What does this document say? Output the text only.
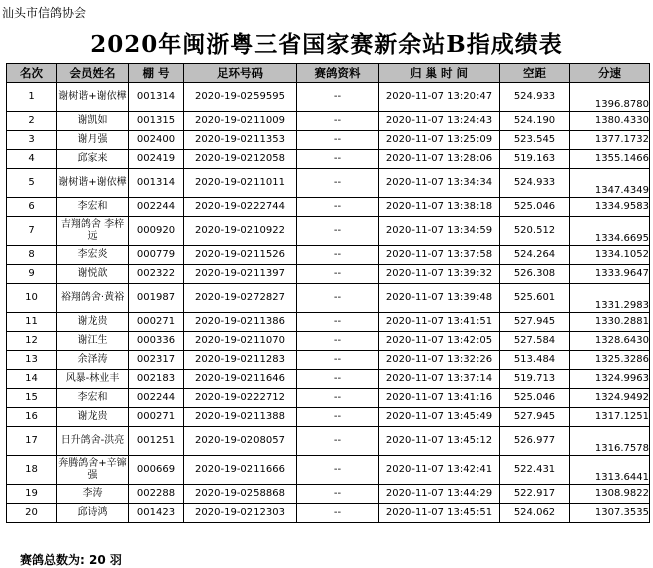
汕头市信鸽协会
2020年闽浙粤三省国家赛新余站B指成绩表
名次	会员姓名	棚 号	足环号码	赛鸽资料	归 巢 时 间	空距	分速
1	谢树谐+谢依樺	001314	2020-19-0259595	--	2020-11-07 13:20:47	524.933	1396.8780
2	谢凯如	001315	2020-19-0211009	--	2020-11-07 13:24:43	524.190	1380.4330
3	谢月强	002400	2020-19-0211353	--	2020-11-07 13:25:09	523.545	1377.1732
4	邱家来	002419	2020-19-0212058	--	2020-11-07 13:28:06	519.163	1355.1466
5	谢树谐+谢依樺	001314	2020-19-0211011	--	2020-11-07 13:34:34	524.933	1347.4349
6	李宏和	002244	2020-19-0222744	--	2020-11-07 13:38:18	525.046	1334.9583
7	吉翔鸽舍 李梓远	000920	2020-19-0210922	--	2020-11-07 13:34:59	520.512	1334.6695
8	李宏炎	000779	2020-19-0211526	--	2020-11-07 13:37:58	524.264	1334.1052
9	谢悦歆	002322	2020-19-0211397	--	2020-11-07 13:39:32	526.308	1333.9647
10	裕翔鸽舍·黄裕	001987	2020-19-0272827	--	2020-11-07 13:39:48	525.601	1331.2983
11	谢龙贵	000271	2020-19-0211386	--	2020-11-07 13:41:51	527.945	1330.2881
12	谢江生	000336	2020-19-0211070	--	2020-11-07 13:42:05	527.584	1328.6430
13	余泽涛	002317	2020-19-0211283	--	2020-11-07 13:32:26	513.484	1325.3286
14	风暴-林业丰	002183	2020-19-0211646	--	2020-11-07 13:37:14	519.713	1324.9963
15	李宏和	002244	2020-19-0222712	--	2020-11-07 13:41:16	525.046	1324.9492
16	谢龙贵	000271	2020-19-0211388	--	2020-11-07 13:45:49	527.945	1317.1251
17	日升鸽舍-洪亮	001251	2020-19-0208057	--	2020-11-07 13:45:12	526.977	1316.7578
18	奔腾鸽舍+辛镩强	000669	2020-19-0211666	--	2020-11-07 13:42:41	522.431	1313.6441
19	李涛	002288	2020-19-0258868	--	2020-11-07 13:44:29	522.917	1308.9822
20	邱诗鸿	001423	2020-19-0212303	--	2020-11-07 13:45:51	524.062	1307.3535
赛鸽总数为: 20 羽
